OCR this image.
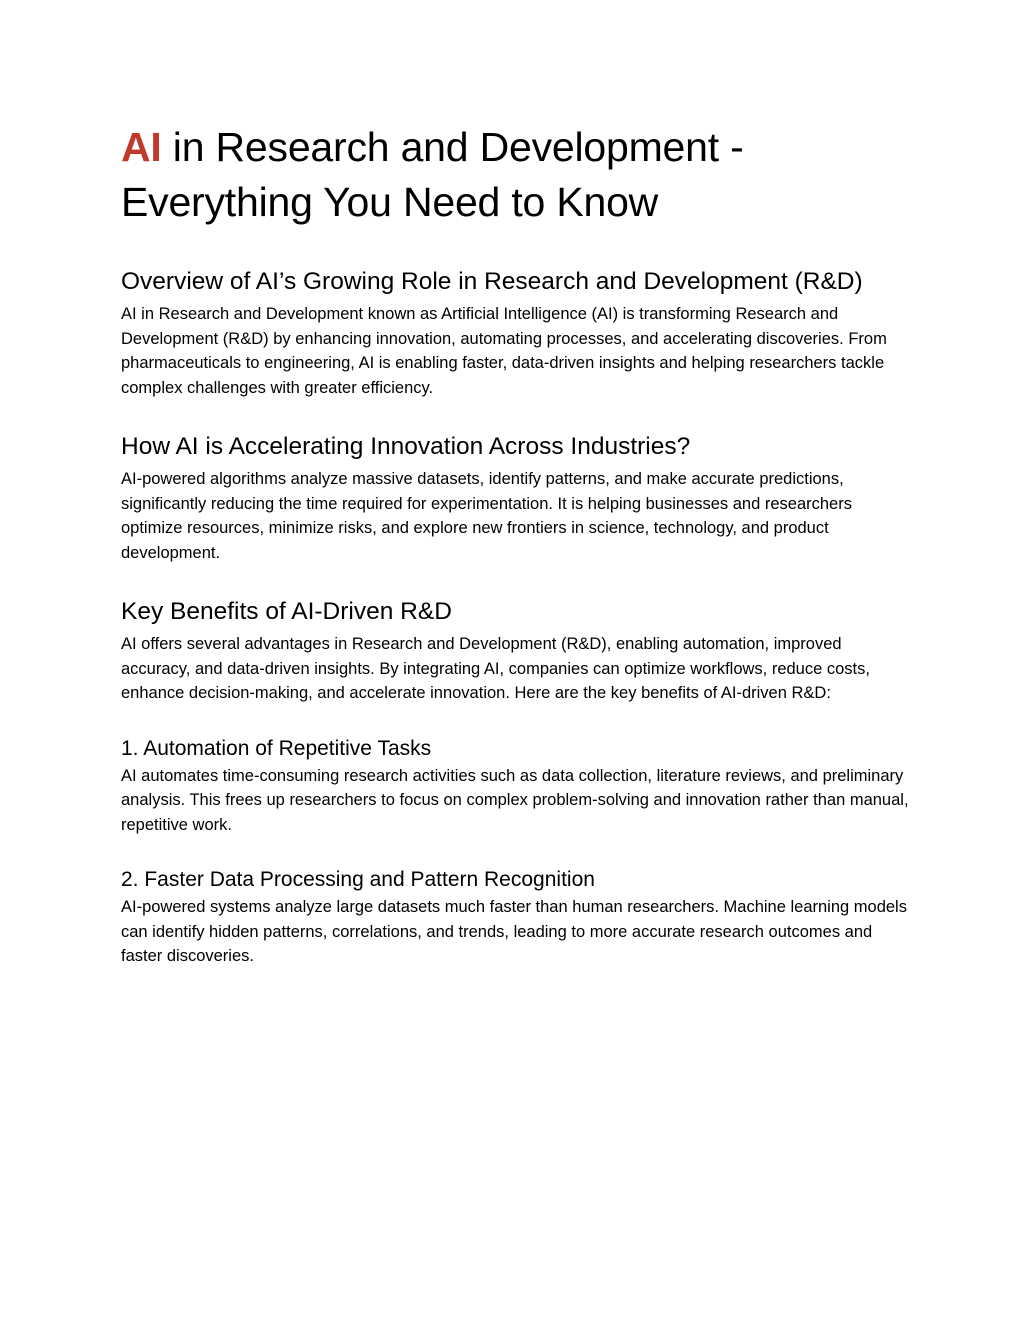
AI in Research and Development - Everything You Need to Know
Overview of AI’s Growing Role in Research and Development (R&D)

AI in Research and Development known as Artificial Intelligence (AI) is transforming Research and Development (R&D) by enhancing innovation, automating processes, and accelerating discoveries. From pharmaceuticals to engineering, AI is enabling faster, data-driven insights and helping researchers tackle complex challenges with greater efficiency.

How AI is Accelerating Innovation Across Industries?

AI-powered algorithms analyze massive datasets, identify patterns, and make accurate predictions, significantly reducing the time required for experimentation. It is helping businesses and researchers optimize resources, minimize risks, and explore new frontiers in science, technology, and product development.

Key Benefits of AI-Driven R&D

AI offers several advantages in Research and Development (R&D), enabling automation, improved accuracy, and data-driven insights. By integrating AI, companies can optimize workflows, reduce costs, enhance decision-making, and accelerate innovation. Here are the key benefits of AI-driven R&D:

1. Automation of Repetitive Tasks

AI automates time-consuming research activities such as data collection, literature reviews, and preliminary analysis. This frees up researchers to focus on complex problem-solving and innovation rather than manual, repetitive work.

2. Faster Data Processing and Pattern Recognition

AI-powered systems analyze large datasets much faster than human researchers. Machine learning models can identify hidden patterns, correlations, and trends, leading to more accurate research outcomes and faster discoveries.
